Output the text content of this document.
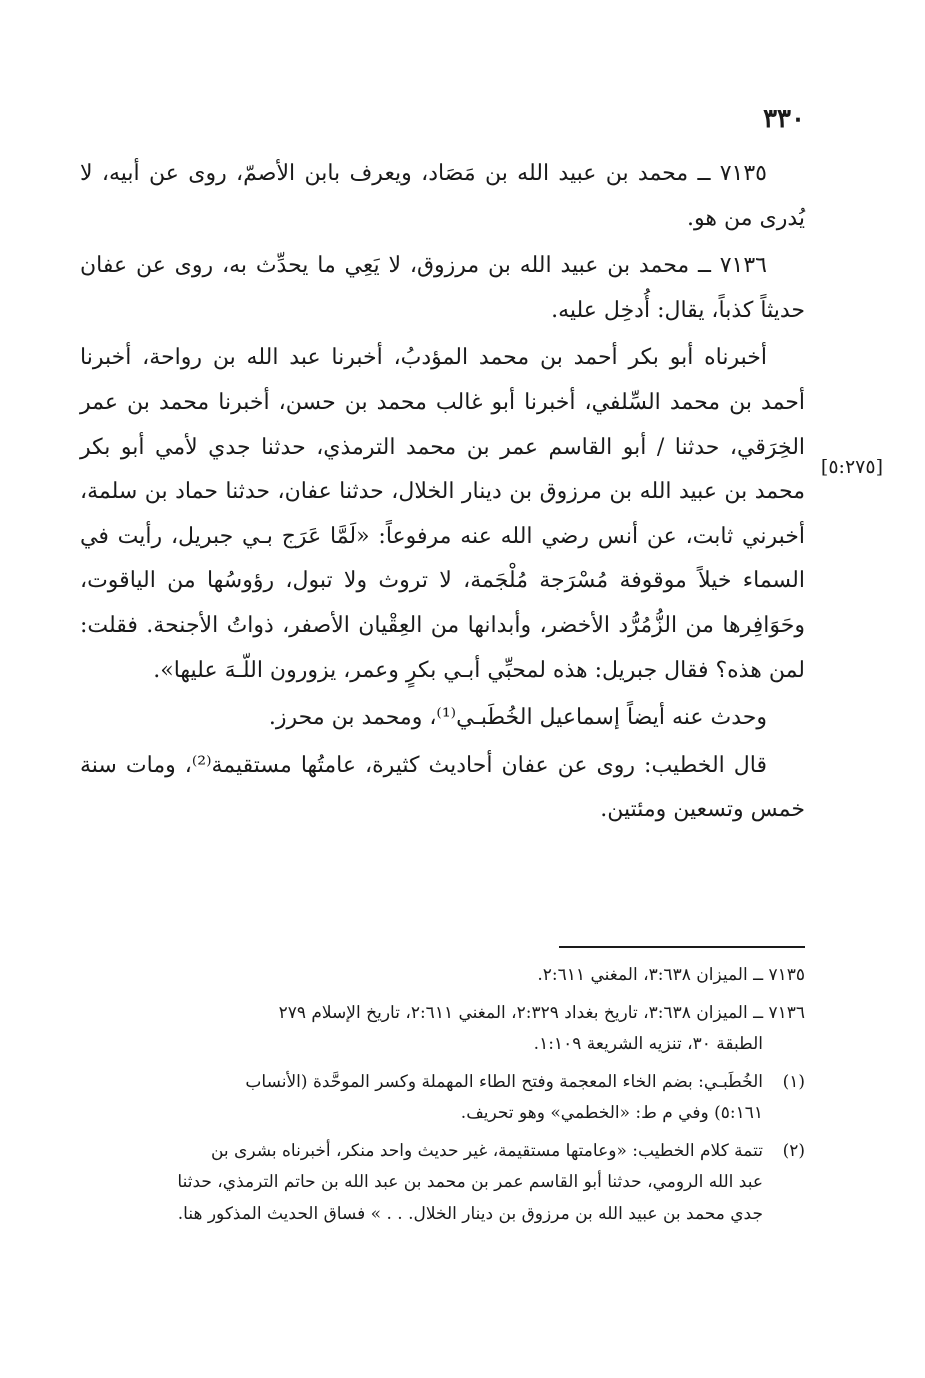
٣٣٠

٧١٣٥ ــ محمد بن عبيد الله بن مَصَاد، ويعرف بابن الأصمّ، روى عن أبيه، لا يُدرى من هو.

٧١٣٦ ــ محمد بن عبيد الله بن مرزوق، لا يَعِي ما يحدِّث به، روى عن عفان حديثاً كذباً، يقال: أُدخِل عليه.

أخبرناه أبو بكر أحمد بن محمد المؤدبُ، أخبرنا عبد الله بن رواحة، أخبرنا أحمد بن محمد السِّلفي، أخبرنا أبو غالب محمد بن حسن، أخبرنا محمد بن عمر الخِرَقي، حدثنا / أبو القاسم عمر بن محمد الترمذي، حدثنا جدي لأمي أبو بكر محمد بن عبيد الله بن مرزوق بن دينار الخلال، حدثنا عفان، حدثنا حماد بن سلمة، أخبرني ثابت، عن أنس رضي الله عنه مرفوعاً: «لَمَّا عَرَج بـي جبريل، رأيت في السماء خيلاً موقوفة مُسْرَجة مُلْجَمة، لا تروث ولا تبول، رؤوسُها من الياقوت، وحَوَافِرها من الزُّمُرُّد الأخضر، وأبدانها من العِقْيان الأصفر، ذواتُ الأجنحة. فقلت: لمن هذه؟ فقال جبريل: هذه لمحبِّي أبـي بكرٍ وعمر، يزورون اللّـهَ عليها».

وحدث عنه أيضاً إسماعيل الخُطَبـي⁽¹⁾، ومحمد بن محرز.

قال الخطيب: روى عن عفان أحاديث كثيرة، عامتُها مستقيمة⁽²⁾، ومات سنة خمس وتسعين ومئتين.

[٥:٢٧٥]
٧١٣٥ ــ الميزان ٣:٦٣٨، المغني ٢:٦١١.
٧١٣٦ ــ الميزان ٣:٦٣٨، تاريخ بغداد ٢:٣٢٩، المغني ٢:٦١١، تاريخ الإسلام ٢٧٩
الطبقة ٣٠، تنزيه الشريعة ١:١٠٩.
(١)
الخُطَبـي: بضم الخاء المعجمة وفتح الطاء المهملة وكسر الموحَّدة (الأنساب
٥:١٦١) وفي م ط: «الخطمي» وهو تحريف.
(٢)
تتمة كلام الخطيب: «وعامتها مستقيمة، غير حديث واحد منكر، أخبرناه بشرى بن
عبد الله الرومي، حدثنا أبو القاسم عمر بن محمد بن عبد الله بن حاتم الترمذي، حدثنا
جدي محمد بن عبيد الله بن مرزوق بن دينار الخلال. . . » فساق الحديث المذكور هنا.
